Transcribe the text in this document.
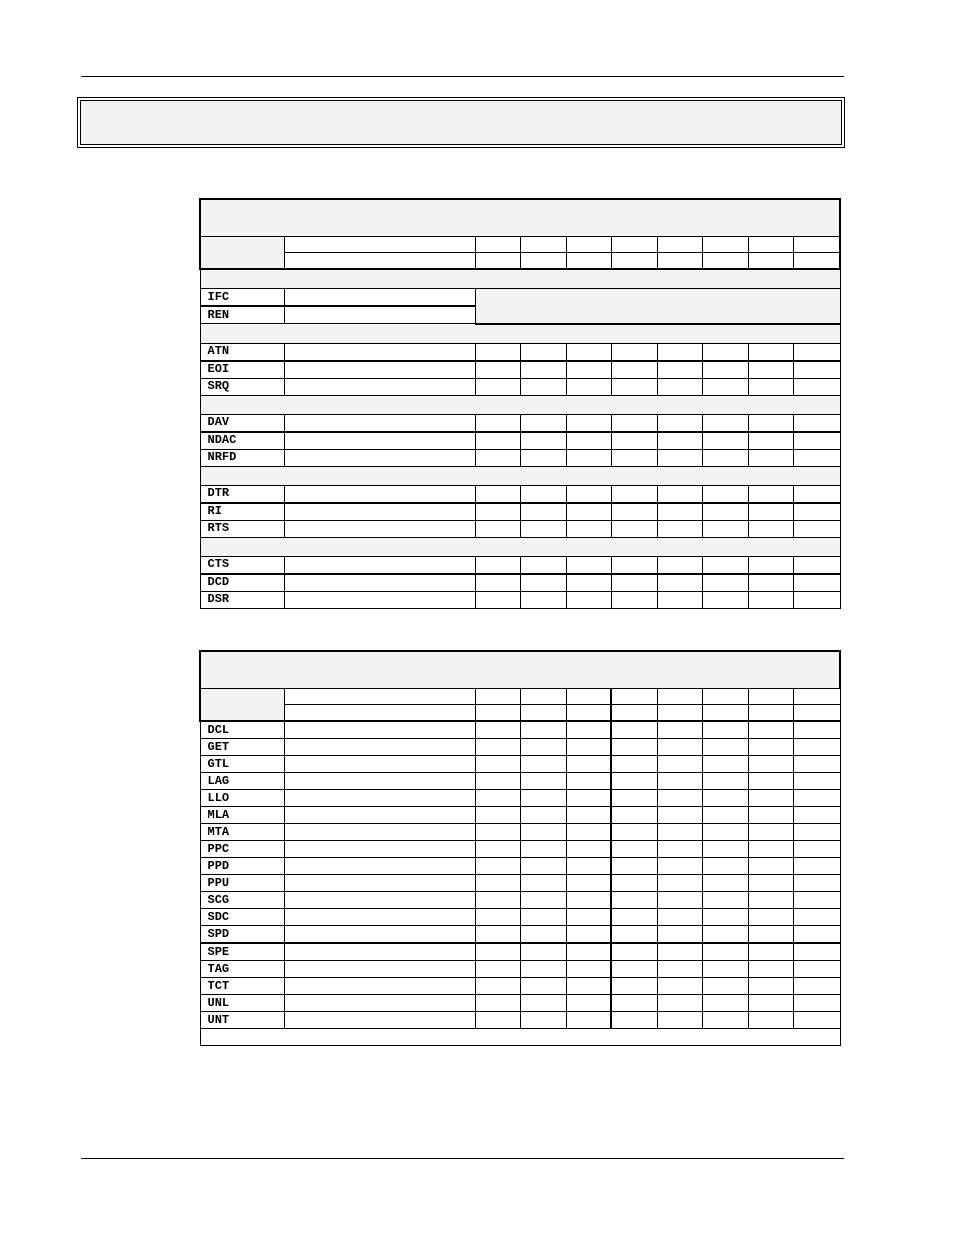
IFC									
REN									

ATN									
EOI									
SRQ									

DAV									
NDAC									
NRFD									

DTR									
RI									
RTS									

CTS									
DCD									
DSR									

DCL									
GET									
GTL									
LAG									
LLO									
MLA									
MTA									
PPC									
PPD									
PPU									
SCG									
SDC									
SPD									
SPE									
TAG									
TCT									
UNL									
UNT									
